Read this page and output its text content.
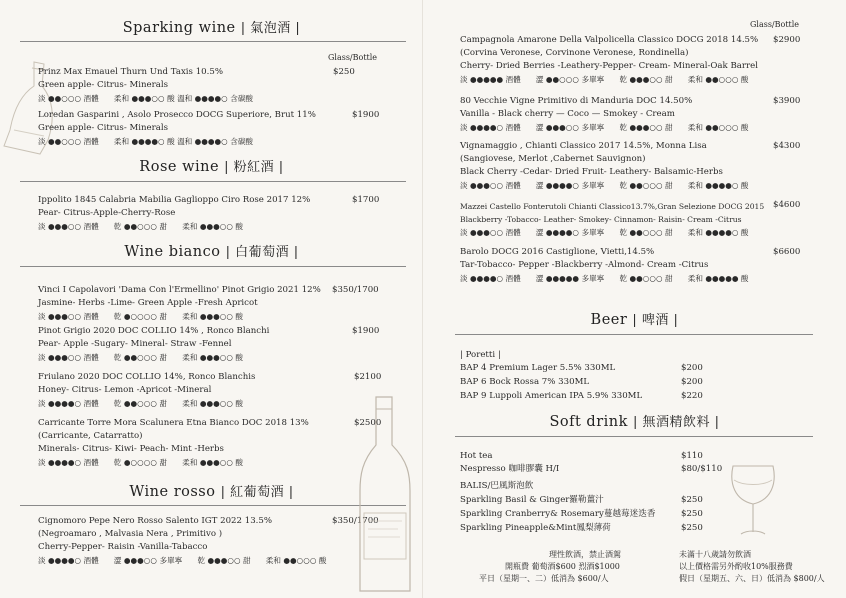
Sparking wine | 氣泡酒 |
Glass/Bottle
Prinz Max Emauel Thurn Und Taxis 10.5%	$250
Green apple- Citrus- Minerals
淡 ●●○○○ 酒體　　柔和 ●●●○○ 酸 溫和 ●●●●○ 含碳酸
Loredan Gasparini , Asolo Prosecco DOCG Superiore, Brut 11%	$1900
Green apple- Citrus- Minerals
淡 ●●○○○ 酒體　　柔和 ●●●●○ 酸 溫和 ●●●●○ 含碳酸
Rose wine | 粉紅酒 |
Ippolito 1845 Calabria Mabilia Gaglioppo Ciro Rose 2017 12%	$1700
Pear- Citrus-Apple-Cherry-Rose
淡 ●●●○○ 酒體　　乾 ●●○○○ 甜　　柔和 ●●●○○ 酸
Wine bianco | 白葡萄酒 |
Vinci I Capolavori 'Dama Con l'Ermellino' Pinot Grigio 2021 12% $350/1700
Jasmine- Herbs -Lime- Green Apple -Fresh Apricot
淡 ●●●○○ 酒體　　乾 ●○○○○ 甜　　柔和 ●●●○○ 酸
Pinot Grigio 2020 DOC COLLIO 14% , Ronco Blanchi	$1900
Pear- Apple -Sugary- Mineral- Straw -Fennel
淡 ●●●○○ 酒體　　乾 ●●○○○ 甜　　柔和 ●●●○○ 酸
Friulano 2020 DOC COLLIO 14%, Ronco Blanchis	$2100
Honey- Citrus- Lemon -Apricot -Mineral
淡 ●●●●○ 酒體　　乾 ●●○○○ 甜　　柔和 ●●●○○ 酸
Carricante Torre Mora Scalunera Etna Bianco DOC 2018 13%	$2500
(Carricante, Catarratto)
Minerals- Citrus- Kiwi- Peach- Mint -Herbs
淡 ●●●●○ 酒體　　乾 ●○○○○ 甜　　柔和 ●●●○○ 酸
Wine rosso | 紅葡萄酒 |
Cignomoro Pepe Nero Rosso Salento IGT 2022 13.5%	$350/1700
(Negroamaro , Malvasia Nera , Primitivo )
Cherry-Pepper- Raisin -Vanilla-Tabacco
淡 ●●●●○ 酒體　　澀 ●●●○○ 多單寧　　乾 ●●●○○ 甜　　柔和 ●●○○○ 酸
Glass/Bottle
Campagnola Amarone Della Valpolicella Classico DOCG 2018 14.5% $2900
(Corvina Veronese, Corvinone Veronese, Rondinella)
Cherry- Dried Berries -Leathery-Pepper- Cream- Mineral-Oak Barrel
淡 ●●●●● 酒體　　澀 ●●○○○ 多單寧　　乾 ●●●○○ 甜　　柔和 ●●○○○ 酸
80 Vecchie Vigne Primitivo di Manduria DOC 14.50%	$3900
Vanilla - Black cherry — Coco — Smokey - Cream
淡 ●●●●○ 酒體　　澀 ●●●○○ 多單寧　　乾 ●●●○○ 甜　　柔和 ●●○○○ 酸
Vignamaggio , Chianti Classico 2017 14.5%, Monna Lisa	$4300
(Sangiovese, Merlot ,Cabernet Sauvignon)
Black Cherry -Cedar- Dried Fruit- Leathery- Balsamic-Herbs
淡 ●●●○○ 酒體　　澀 ●●●●○ 多單寧　　乾 ●●○○○ 甜　　柔和 ●●●●○ 酸
Mazzei Castello Fonterutoli Chianti Classico13.7%,Gran Selezione DOCG 2015 $4600
Blackberry -Tobacco- Leather- Smokey- Cinnamon- Raisin- Cream -Citrus
淡 ●●●○○ 酒體　　澀 ●●●●○ 多單寧　　乾 ●●○○○ 甜　　柔和 ●●●●○ 酸
Barolo DOCG 2016 Castiglione, Vietti,14.5%	$6600
Tar-Tobacco- Pepper -Blackberry -Almond- Cream -Citrus
淡 ●●●●○ 酒體　　澀 ●●●●● 多單寧　　乾 ●●○○○ 甜　　柔和 ●●●●● 酸
Beer | 啤酒 |
| Poretti |
BAP 4 Premium Lager 5.5% 330ML	$200
BAP 6 Bock Rossa 7% 330ML	$200
BAP 9 Luppoli American IPA 5.9% 330ML	$220
Soft drink | 無酒精飲料 |
Hot tea	$110
Nespresso 咖啡膠囊 H/I	$80/$110
BALIS/巴風斯泡飲
Sparkling Basil & Ginger羅勒薑汁	$250
Sparkling Cranberry& Rosemary蔓越莓迷迭香	$250
Sparkling Pineapple&Mint鳳梨薄荷	$250
理性飲酒，禁止酒駕
開瓶費 葡萄酒$600 烈酒$1000
平日（星期一、二）低消為 $600/人
未滿十八歲請勿飲酒
以上價格需另外酌收10%服務費
假日（星期五、六、日）低消為 $800/人
